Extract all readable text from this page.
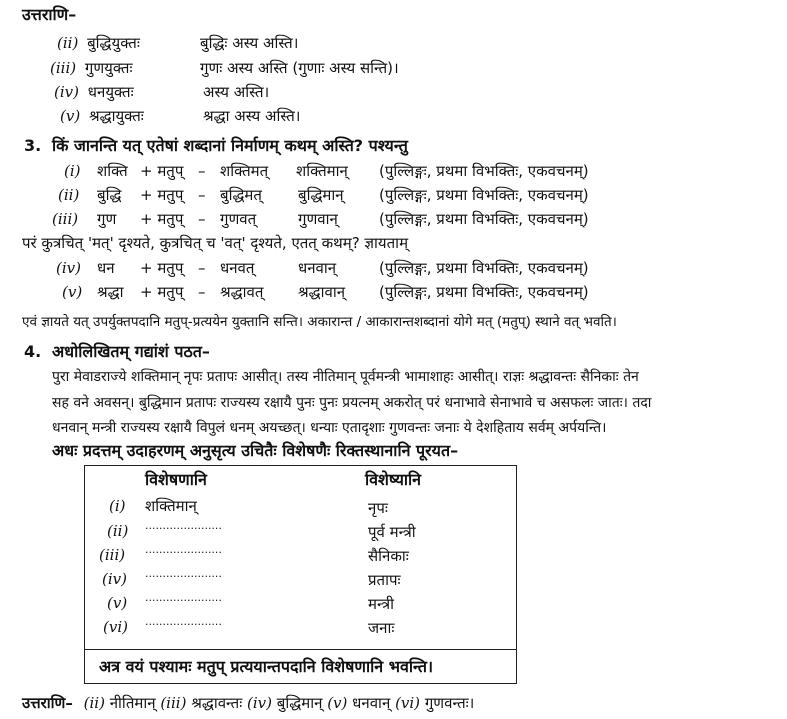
उत्तराणि–
(ii) बुद्धियुक्तः	बुद्धिः अस्य अस्ति।
(iii) गुणयुक्तः	गुणः अस्य अस्ति (गुणाः अस्य सन्ति)।
(iv) धनयुक्तः	अस्य अस्ति।
(v) श्रद्धायुक्तः	श्रद्धा अस्य अस्ति।
3. किं जानन्ति यत् एतेषां शब्दानां निर्माणम् कथम् अस्ति? पश्यन्तु
(i) शक्ति + मतुप् – शक्तिमत् शक्तिमान् (पुल्लिङ्गः, प्रथमा विभक्तिः, एकवचनम्)
(ii) बुद्धि + मतुप् – बुद्धिमत् बुद्धिमान् (पुल्लिङ्गः, प्रथमा विभक्तिः, एकवचनम्)
(iii) गुण + मतुप् – गुणवत्	गुणवान्	(पुल्लिङ्गः, प्रथमा विभक्तिः, एकवचनम्)
परं कुत्रचित् 'मत्' दृश्यते, कुत्रचित् च 'वत्' दृश्यते, एतत् कथम्? ज्ञायताम्
(iv) धन + मतुप् – धनवत्	धनवान्	(पुल्लिङ्गः, प्रथमा विभक्तिः, एकवचनम्)
(v) श्रद्धा + मतुप् – श्रद्धावत् श्रद्धावान् (पुल्लिङ्गः, प्रथमा विभक्तिः, एकवचनम्)
एवं ज्ञायते यत् उपर्युक्तपदानि मतुप्-प्रत्ययेन युक्तानि सन्ति। अकारान्त / आकारान्तशब्दानां योगे मत् (मतुप्) स्थाने वत् भवति।
4. अधोलिखितम् गद्यांशं पठत–
पुरा मेवाडराज्ये शक्तिमान् नृपः प्रतापः आसीत्। तस्य नीतिमान् पूर्वमन्त्री भामाशाहः आसीत्। राज्ञः श्रद्धावन्तः सैनिकाः तेन
सह वने अवसन्। बुद्धिमान प्रतापः राज्यस्य रक्षायै पुनः पुनः प्रयत्नम् अकरोत् परं धनाभावे सेनाभावे च असफलः जातः। तदा
धनवान् मन्त्री राज्यस्य रक्षायै विपुलं धनम् अयच्छत्। धन्याः एतादृशाः गुणवन्तः जनाः ये देशहिताय सर्वम् अर्पयन्ति।
अधः प्रदत्तम् उदाहरणम् अनुसृत्य उचितैः विशेषणैः रिक्तस्थानानि पूरयत–
विशेषणानि	विशेष्यानि
(i) शक्तिमान्	नृपः
(ii) ......................	पूर्व मन्त्री
(iii) ......................	सैनिकाः
(iv) ......................	प्रतापः
(v) ......................	मन्त्री
(vi) ......................	जनाः
अत्र वयं पश्यामः मतुप् प्रत्ययान्तपदानि विशेषणानि भवन्ति।
उत्तराणि– (ii) नीतिमान् (iii) श्रद्धावन्तः (iv) बुद्धिमान् (v) धनवान् (vi) गुणवन्तः।
